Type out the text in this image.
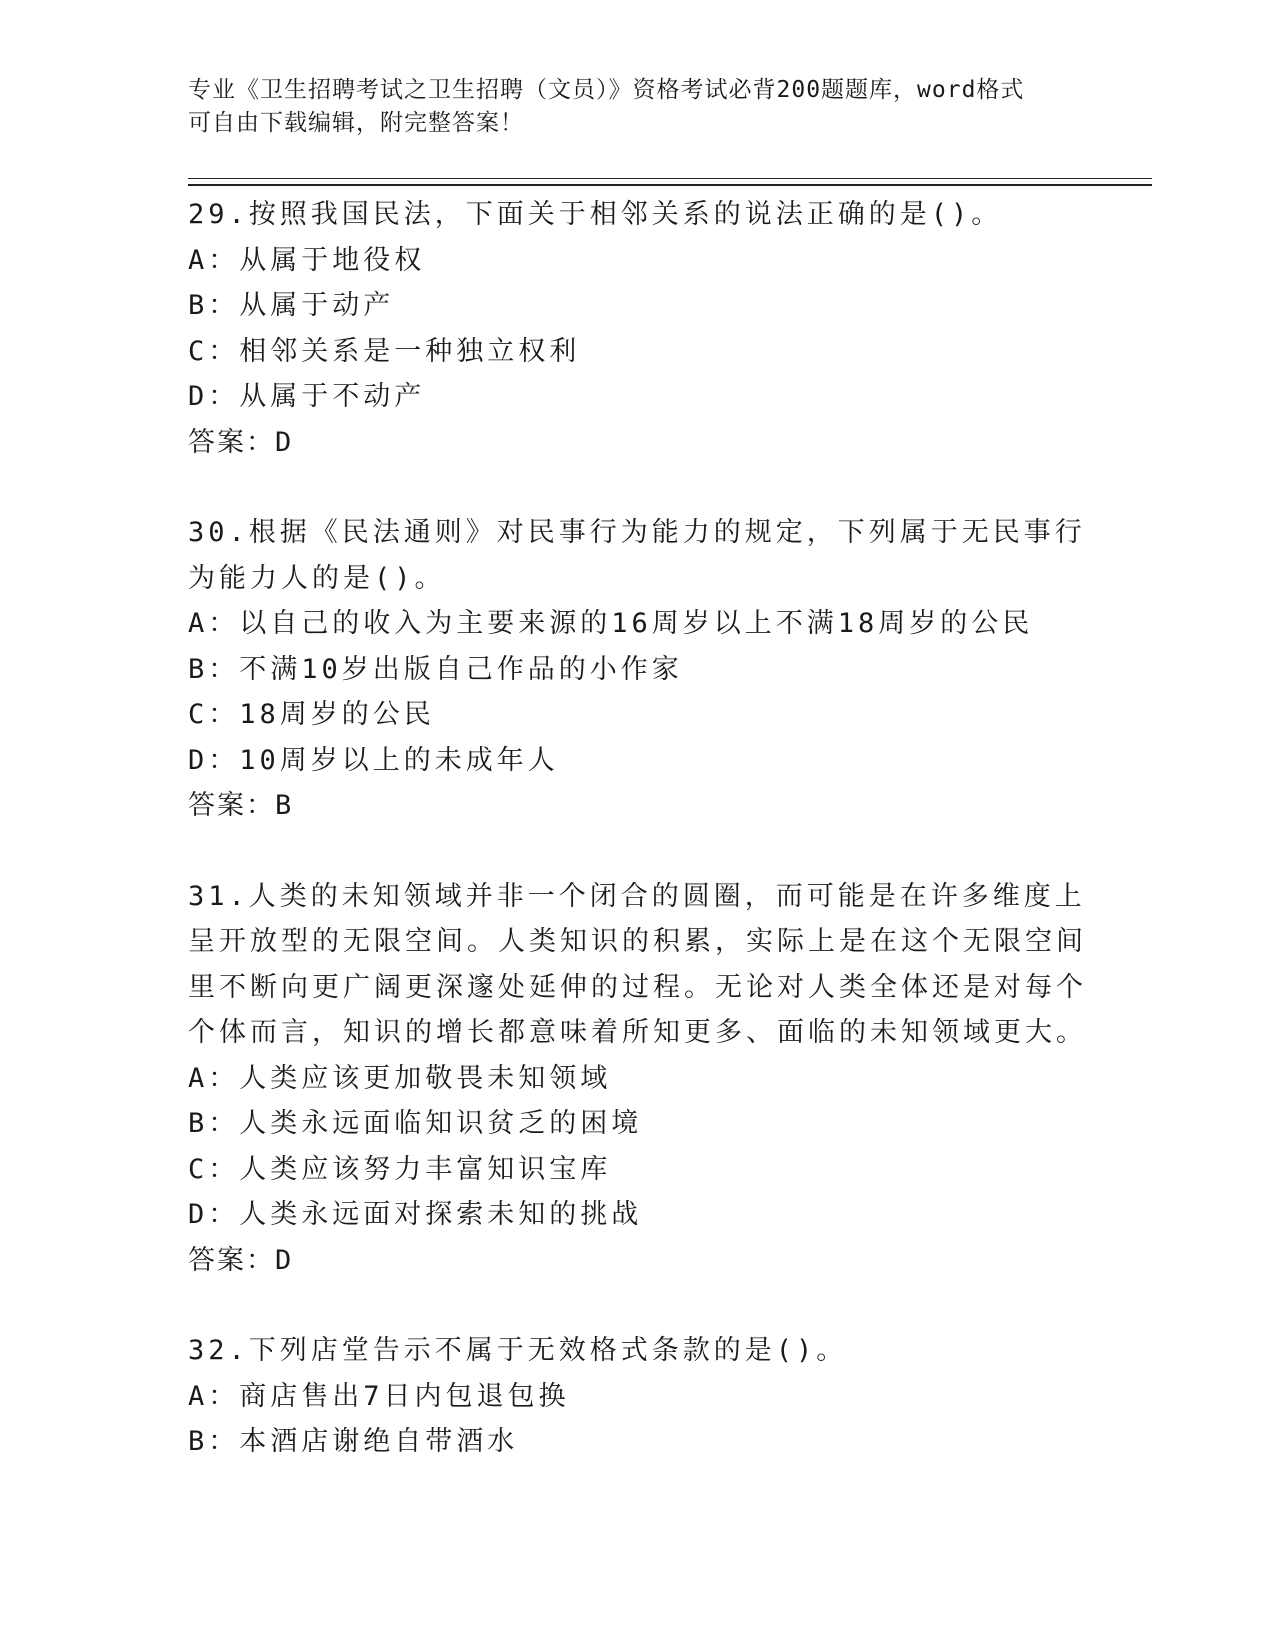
专业《卫生招聘考试之卫生招聘（文员）》资格考试必背200题题库，word格式
可自由下载编辑，附完整答案！

29.按照我国民法，下面关于相邻关系的说法正确的是()。

A：从属于地役权

B：从属于动产

C：相邻关系是一种独立权利

D：从属于不动产

答案：D

30.根据《民法通则》对民事行为能力的规定，下列属于无民事行为能力人的是()。

A：以自己的收入为主要来源的16周岁以上不满18周岁的公民

B：不满10岁出版自己作品的小作家

C：18周岁的公民

D：10周岁以上的未成年人

答案：B

31.人类的未知领域并非一个闭合的圆圈，而可能是在许多维度上呈开放型的无限空间。人类知识的积累，实际上是在这个无限空间里不断向更广阔更深邃处延伸的过程。无论对人类全体还是对每个个体而言，知识的增长都意味着所知更多、面临的未知领域更大。

A：人类应该更加敬畏未知领域

B：人类永远面临知识贫乏的困境

C：人类应该努力丰富知识宝库

D：人类永远面对探索未知的挑战

答案：D

32.下列店堂告示不属于无效格式条款的是()。

A：商店售出7日内包退包换

B：本酒店谢绝自带酒水
